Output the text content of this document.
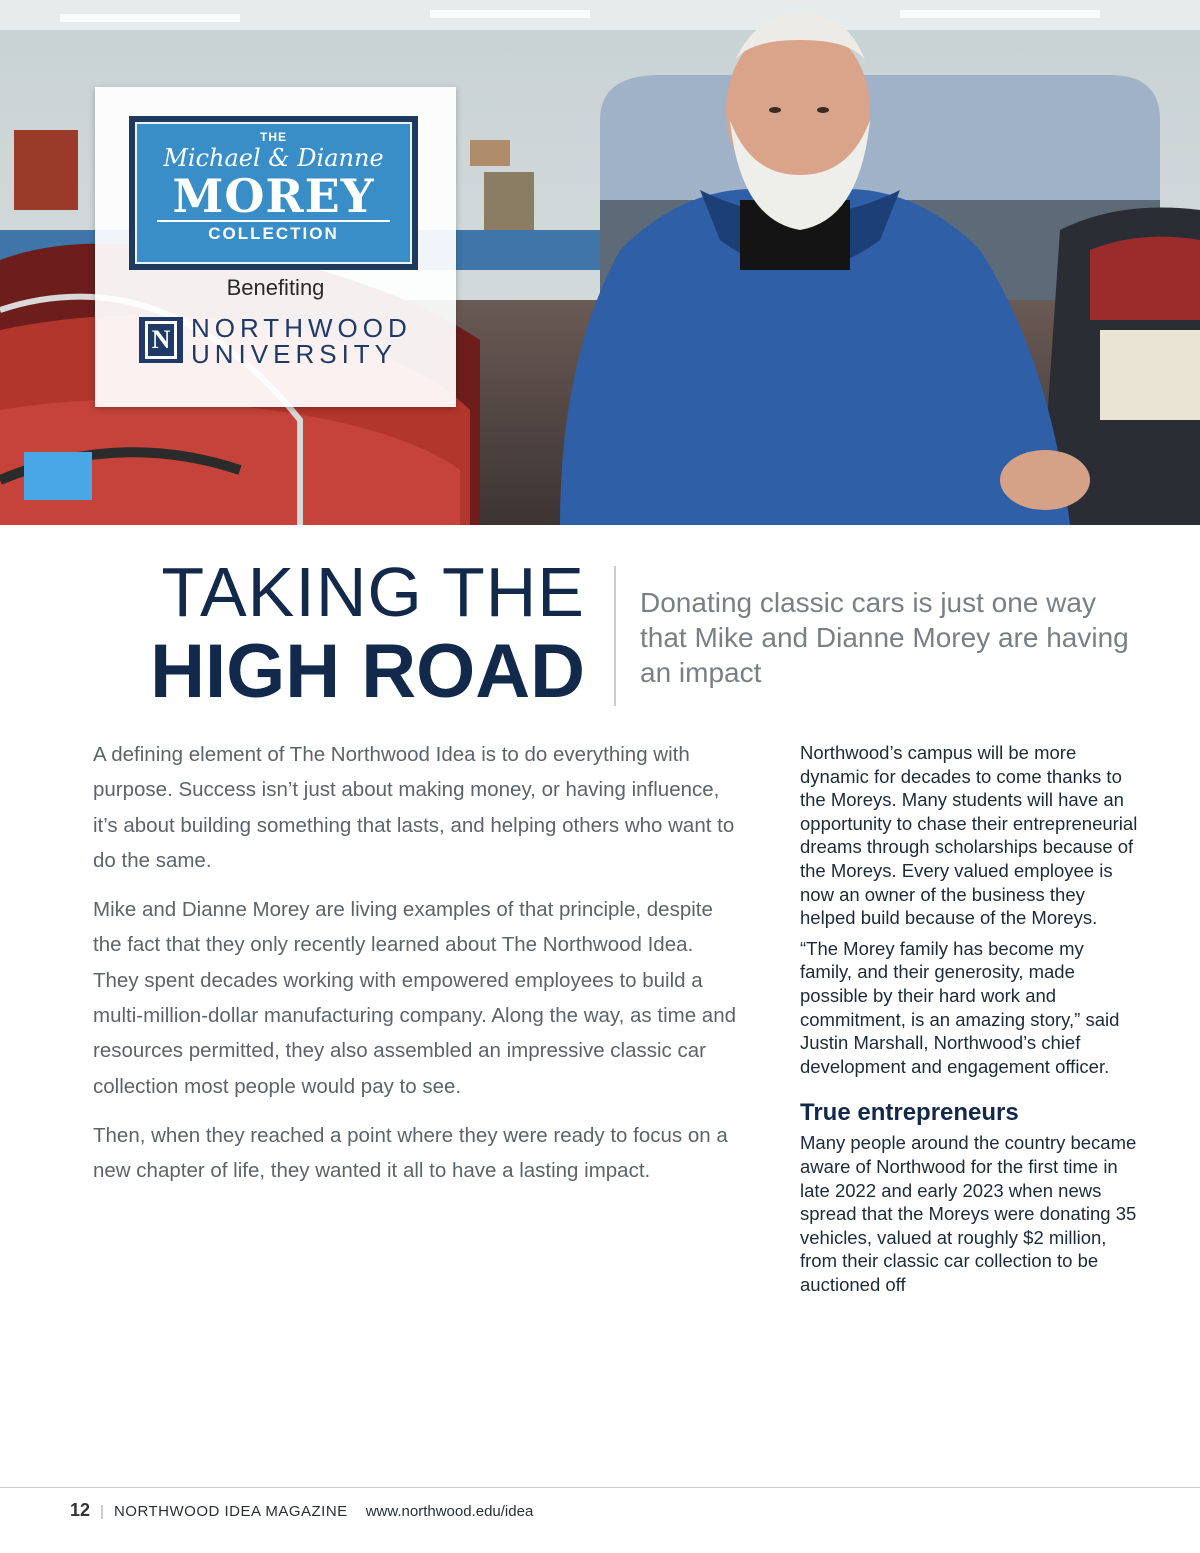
THE
Michael & Dianne
MOREY
COLLECTION
Benefiting
N NORTHWOOD
UNIVERSITY
TAKING THE
HIGH ROAD
Donating classic cars is just one way that Mike and Dianne Morey are having an impact

A defining element of The Northwood Idea is to do everything with purpose. Success isn’t just about making money, or having influence, it’s about building something that lasts, and helping others who want to do the same.

Mike and Dianne Morey are living examples of that principle, despite the fact that they only recently learned about The Northwood Idea. They spent decades working with empowered employees to build a multi-million-dollar manufacturing company. Along the way, as time and resources permitted, they also assembled an impressive classic car collection most people would pay to see.

Then, when they reached a point where they were ready to focus on a new chapter of life, they wanted it all to have a lasting impact.

Northwood’s campus will be more dynamic for decades to come thanks to the Moreys. Many students will have an opportunity to chase their entrepreneurial dreams through scholarships because of the Moreys. Every valued employee is now an owner of the business they helped build because of the Moreys.

“The Morey family has become my family, and their generosity, made possible by their hard work and commitment, is an amazing story,” said Justin Marshall, Northwood’s chief development and engagement officer.

True entrepreneurs

Many people around the country became aware of Northwood for the first time in late 2022 and early 2023 when news spread that the Moreys were donating 35 vehicles, valued at roughly $2 million, from their classic car collection to be auctioned off

12 | NORTHWOOD IDEA MAGAZINE www.northwood.edu/idea
